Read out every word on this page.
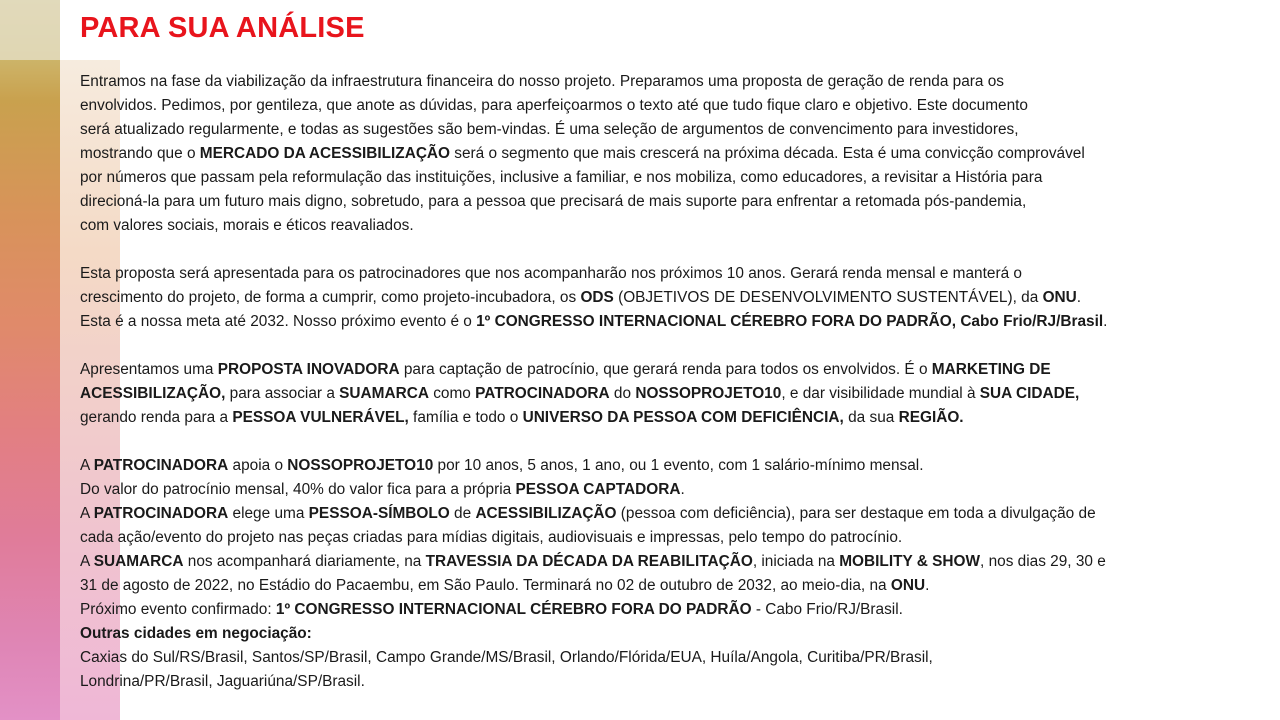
PARA SUA ANÁLISE
Entramos na fase da viabilização da infraestrutura financeira do nosso projeto. Preparamos uma proposta de geração de renda para os
envolvidos. Pedimos, por gentileza, que anote as dúvidas, para aperfeiçoarmos o texto até que tudo fique claro e objetivo. Este documento
será atualizado regularmente, e todas as sugestões são bem-vindas. É uma seleção de argumentos de convencimento para investidores,
mostrando que o MERCADO DA ACESSIBILIZAÇÃO será o segmento que mais crescerá na próxima década. Esta é uma convicção comprovável
por números que passam pela reformulação das instituições, inclusive a familiar, e nos mobiliza, como educadores, a revisitar a História para
direcioná-la para um futuro mais digno, sobretudo, para a pessoa que precisará de mais suporte para enfrentar a retomada pós-pandemia,
com valores sociais, morais e éticos reavaliados.
Esta proposta será apresentada para os patrocinadores que nos acompanharão nos próximos 10 anos. Gerará renda mensal e manterá o
crescimento do projeto, de forma a cumprir, como projeto-incubadora, os ODS (OBJETIVOS DE DESENVOLVIMENTO SUSTENTÁVEL), da ONU.
Esta é a nossa meta até 2032. Nosso próximo evento é o 1º CONGRESSO INTERNACIONAL CÉREBRO FORA DO PADRÃO, Cabo Frio/RJ/Brasil.
Apresentamos uma PROPOSTA INOVADORA para captação de patrocínio, que gerará renda para todos os envolvidos. É o MARKETING DE
ACESSIBILIZAÇÃO, para associar a SUAMARCA como PATROCINADORA do NOSSOPROJETO10, e dar visibilidade mundial à SUA CIDADE,
gerando renda para a PESSOA VULNERÁVEL, família e todo o UNIVERSO DA PESSOA COM DEFICIÊNCIA, da sua REGIÃO.
A PATROCINADORA apoia o NOSSOPROJETO10 por 10 anos, 5 anos, 1 ano, ou 1 evento, com 1 salário-mínimo mensal.
Do valor do patrocínio mensal, 40% do valor fica para a própria PESSOA CAPTADORA.
A PATROCINADORA elege uma PESSOA-SÍMBOLO de ACESSIBILIZAÇÃO (pessoa com deficiência), para ser destaque em toda a divulgação de
cada ação/evento do projeto nas peças criadas para mídias digitais, audiovisuais e impressas, pelo tempo do patrocínio.
A SUAMARCA nos acompanhará diariamente, na TRAVESSIA DA DÉCADA DA REABILITAÇÃO, iniciada na MOBILITY & SHOW, nos dias 29, 30 e
31 de agosto de 2022, no Estádio do Pacaembu, em São Paulo. Terminará no 02 de outubro de 2032, ao meio-dia, na ONU.
Próximo evento confirmado: 1º CONGRESSO INTERNACIONAL CÉREBRO FORA DO PADRÃO - Cabo Frio/RJ/Brasil.
Outras cidades em negociação:
Caxias do Sul/RS/Brasil, Santos/SP/Brasil, Campo Grande/MS/Brasil, Orlando/Flórida/EUA, Huíla/Angola, Curitiba/PR/Brasil,
Londrina/PR/Brasil, Jaguariúna/SP/Brasil.
